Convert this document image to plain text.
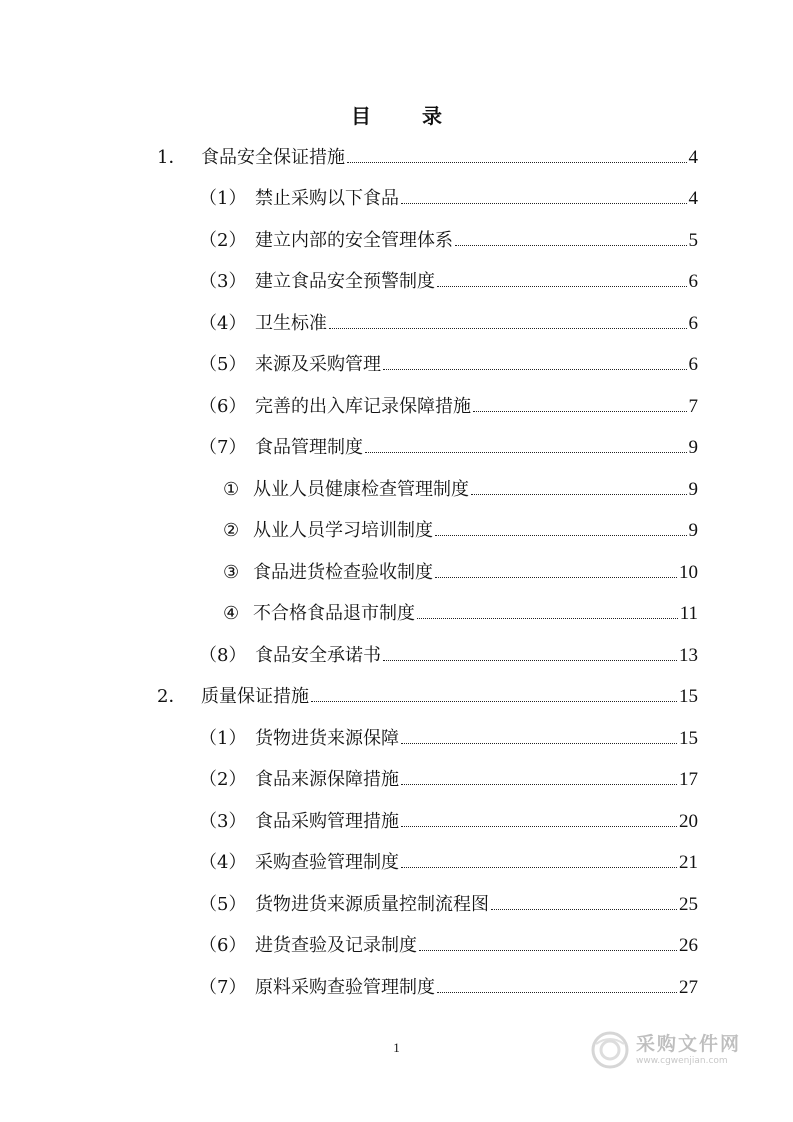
目 录
1． 食品安全保证措施	4
（1） 禁止采购以下食品	4
（2） 建立内部的安全管理体系	5
（3） 建立食品安全预警制度	6
（4） 卫生标准	6
（5） 来源及采购管理	6
（6） 完善的出入库记录保障措施	7
（7） 食品管理制度	9
① 从业人员健康检查管理制度	9
② 从业人员学习培训制度	9
③ 食品进货检查验收制度	10
④ 不合格食品退市制度	11
（8） 食品安全承诺书	13
2． 质量保证措施	15
（1） 货物进货来源保障	15
（2） 食品来源保障措施	17
（3） 食品采购管理措施	20
（4） 采购查验管理制度	21
（5） 货物进货来源质量控制流程图	25
（6） 进货查验及记录制度	26
（7） 原料采购查验管理制度	27
1	采购文件网
www.cgwenjian.com
